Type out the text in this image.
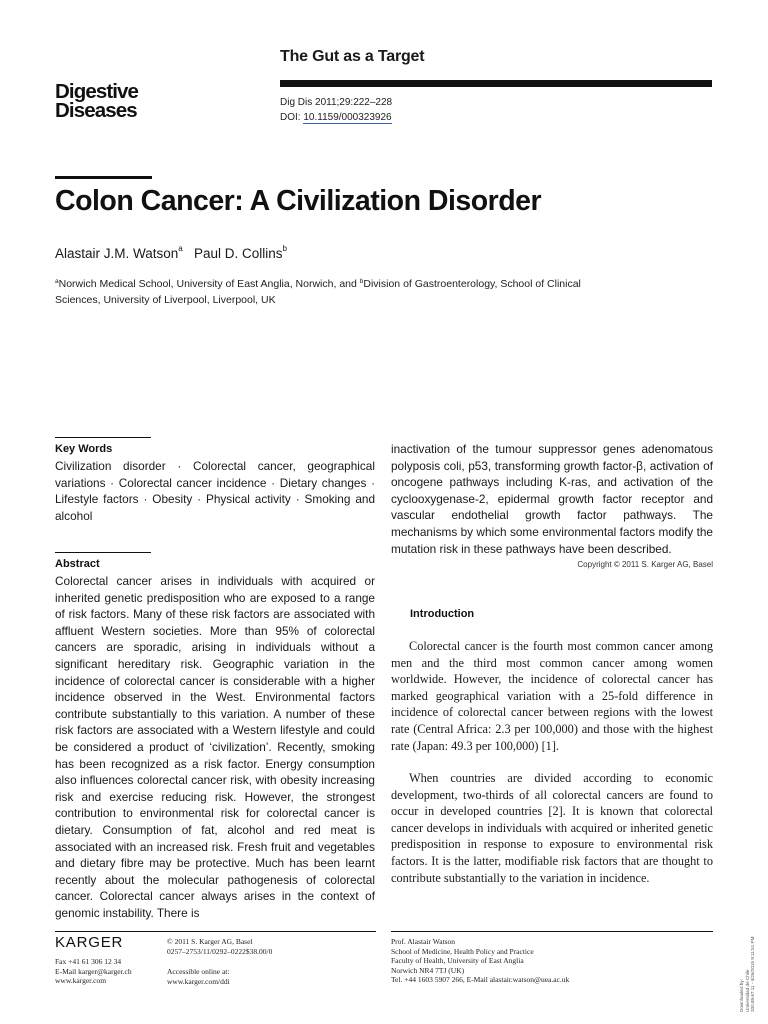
The Gut as a Target
Digestive
Diseases	Dig Dis 2011;29:222–228
DOI: 10.1159/000323926
Colon Cancer: A Civilization Disorder
Alastair J.M. Watson$^a$ Paul D. Collins$^b$
$^a$Norwich Medical School, University of East Anglia, Norwich, and $^b$Division of Gastroenterology, School of Clinical Sciences, University of Liverpool, Liverpool, UK
Key Words

Civilization disorder · Colorectal cancer, geographical variations · Colorectal cancer incidence · Dietary changes · Lifestyle factors · Obesity · Physical activity · Smoking and alcohol

Abstract

Colorectal cancer arises in individuals with acquired or inherited genetic predisposition who are exposed to a range of risk factors. Many of these risk factors are associated with affluent Western societies. More than 95% of colorectal cancers are sporadic, arising in individuals without a significant hereditary risk. Geographic variation in the incidence of colorectal cancer is considerable with a higher incidence observed in the West. Environmental factors contribute substantially to this variation. A number of these risk factors are associated with a Western lifestyle and could be considered a product of ‘civilization’. Recently, smoking has been recognized as a risk factor. Energy consumption also influences colorectal cancer risk, with obesity increasing risk and exercise reducing risk. However, the strongest contribution to environmental risk for colorectal cancer is dietary. Consumption of fat, alcohol and red meat is associated with an increased risk. Fresh fruit and vegetables and dietary fibre may be protective. Much has been learnt recently about the molecular pathogenesis of colorectal cancer. Colorectal cancer always arises in the context of genomic instability. There is

inactivation of the tumour suppressor genes adenomatous polyposis coli, p53, transforming growth factor-β, activation of oncogene pathways including K-ras, and activation of the cyclooxygenase-2, epidermal growth factor receptor and vascular endothelial growth factor pathways. The mechanisms by which some environmental factors modify the mutation risk in these pathways have been described.

Copyright © 2011 S. Karger AG, Basel
Introduction

Colorectal cancer is the fourth most common cancer among men and the third most common cancer among women worldwide. However, the incidence of colorectal cancer has marked geographical variation with a 25-fold difference in incidence of colorectal cancer between regions with the lowest rate (Central Africa: 2.3 per 100,000) and those with the highest rate (Japan: 49.3 per 100,000) [1].

When countries are divided according to economic development, two-thirds of all colorectal cancers are found to occur in developed countries [2]. It is known that colorectal cancer develops in individuals with acquired or inherited genetic predisposition in response to exposure to environmental risk factors. It is the latter, modifiable risk factors that are thought to contribute substantially to the variation in incidence.

KARGER
Fax +41 61 306 12 34
E-Mail karger@karger.ch
www.karger.com
© 2011 S. Karger AG, Basel
0257–2753/11/0292–0222$38.00/0
Accessible online at:
www.karger.com/ddi
Prof. Alastair Watson
School of Medicine, Health Policy and Practice
Faculty of Health, University of East Anglia
Norwich NR4 7TJ (UK)
Tel. +44 1603 5907 266, E-Mail alastair.watson@uea.ac.uk	Downloaded by: Universidad de Chile 200.89.67.11 - 4/26/2015 9:11:51 PM
